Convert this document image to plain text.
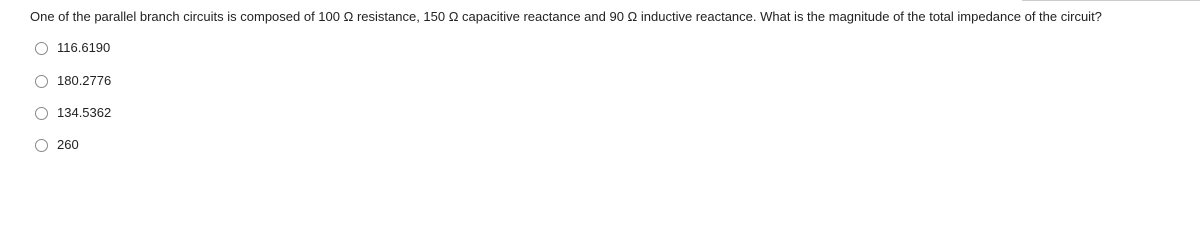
One of the parallel branch circuits is composed of 100 Ω resistance, 150 Ω capacitive reactance and 90 Ω inductive reactance. What is the magnitude of the total impedance of the circuit?
116.6190
180.2776
134.5362
260
